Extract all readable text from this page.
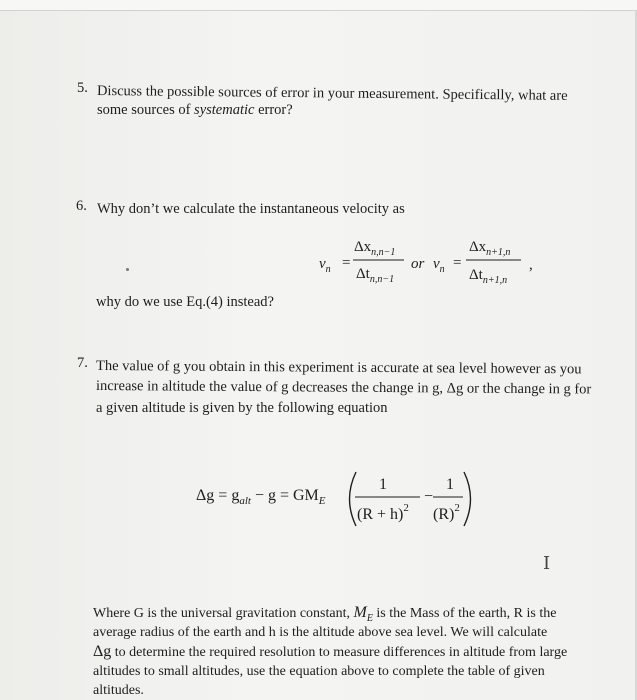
5. Discuss the possible sources of error in your measurement. Specifically, what are
some sources of systematic error?
6. Why don’t we calculate the instantaneous velocity as
$v_n$ =
$\Delta x_{n,n-1}$
$\Delta t_{n,n-1}$
or $v_n$ =
$\Delta x_{n+1,n}$
$\Delta t_{n+1,n}$
,
$\Delta g = g_{alt} - g = GM_E$
1
$(R + h)^2$
−
1
$(R)^2$
why do we use Eq.(4) instead?
7. The value of g you obtain in this experiment is accurate at sea level however as you
increase in altitude the value of g decreases the change in g, Δg or the change in g for
a given altitude is given by the following equation
I
Where G is the universal gravitation constant, $M_E$ is the Mass of the earth, R is the
average radius of the earth and h is the altitude above sea level. We will calculate
Δg to determine the required resolution to measure differences in altitude from large
altitudes to small altitudes, use the equation above to complete the table of given
altitudes.
